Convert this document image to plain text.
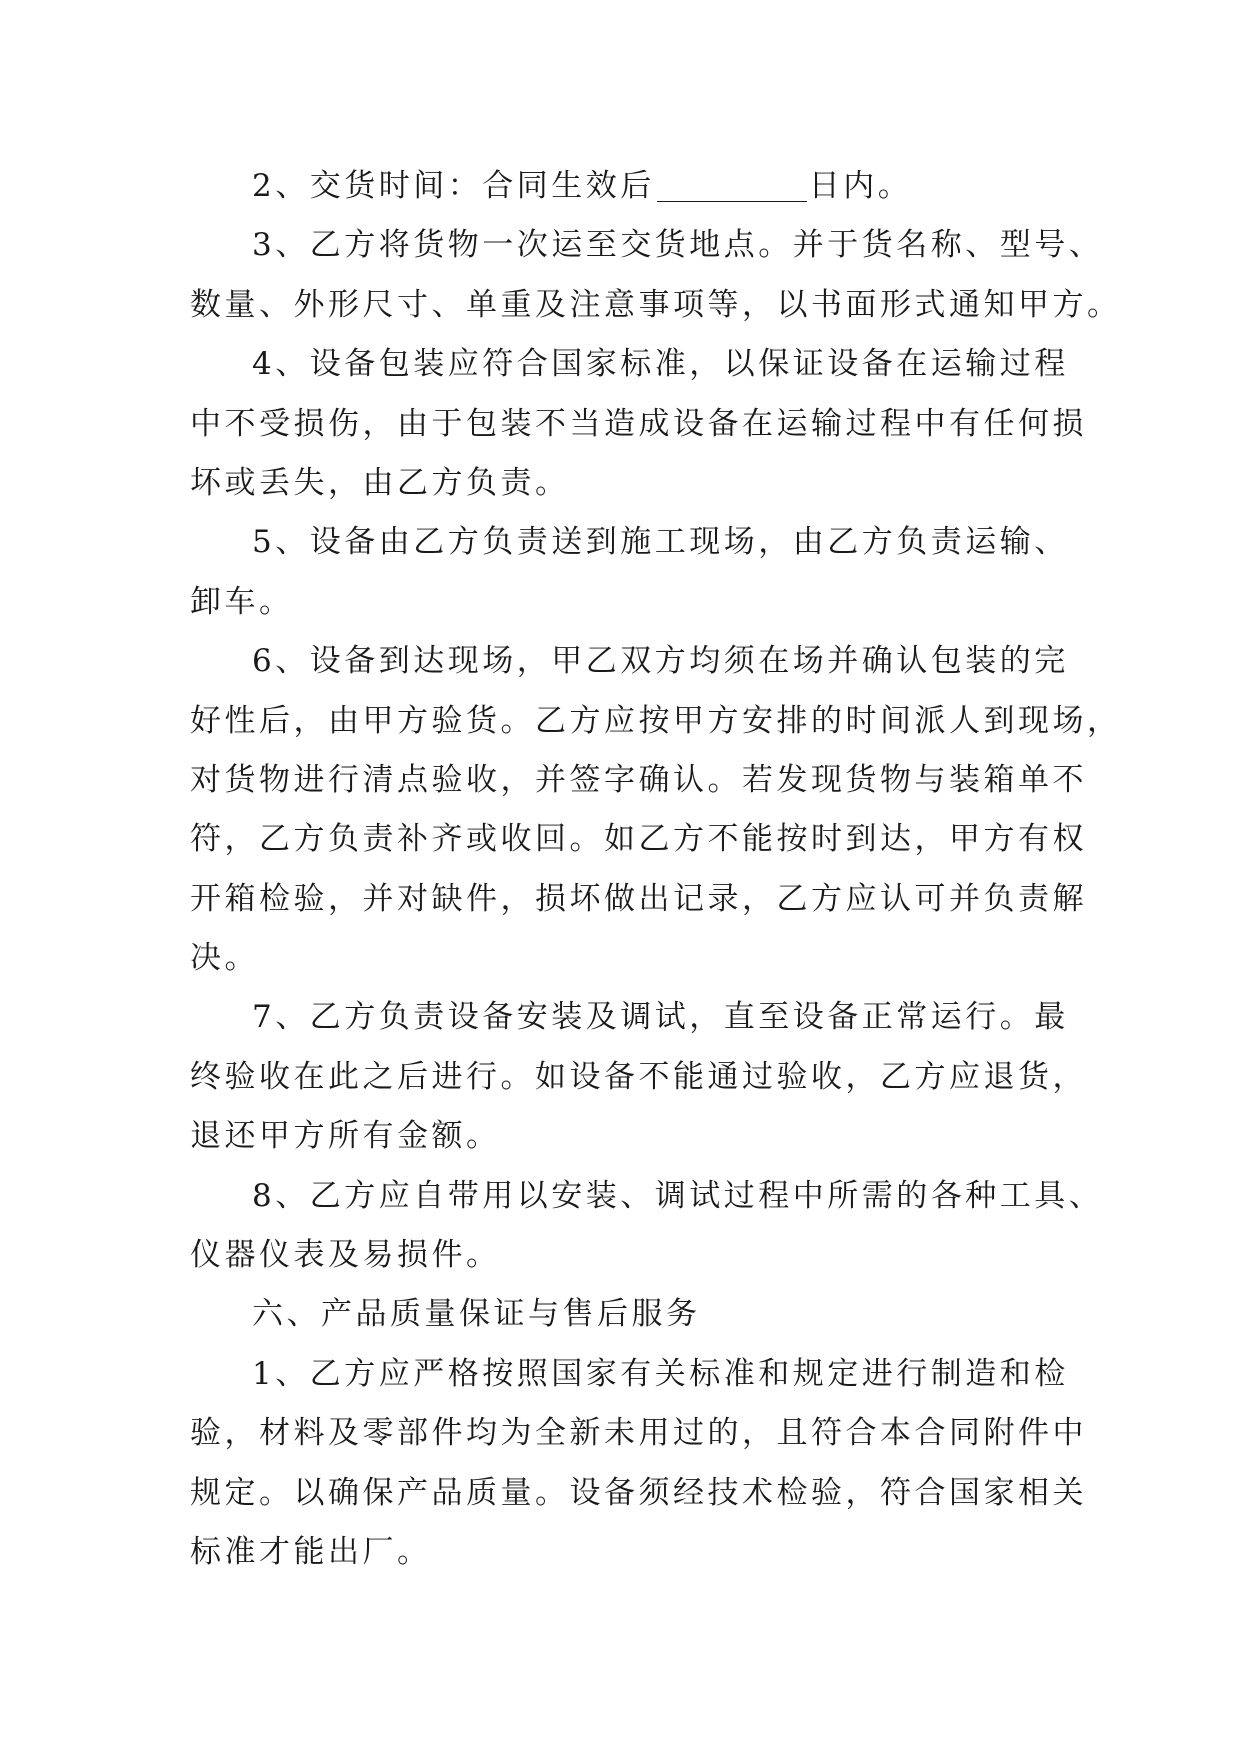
2、交货时间：合同生效后	日内。

3、乙方将货物一次运至交货地点。并于货名称、型号、

数量、外形尺寸、单重及注意事项等，以书面形式通知甲方。

4、设备包装应符合国家标准，以保证设备在运输过程

中不受损伤，由于包装不当造成设备在运输过程中有任何损

坏或丢失，由乙方负责。

5、设备由乙方负责送到施工现场，由乙方负责运输、

卸车。

6、设备到达现场，甲乙双方均须在场并确认包装的完

好性后，由甲方验货。乙方应按甲方安排的时间派人到现场，

对货物进行清点验收，并签字确认。若发现货物与装箱单不

符，乙方负责补齐或收回。如乙方不能按时到达，甲方有权

开箱检验，并对缺件，损坏做出记录，乙方应认可并负责解

决。

7、乙方负责设备安装及调试，直至设备正常运行。最

终验收在此之后进行。如设备不能通过验收，乙方应退货，

退还甲方所有金额。

8、乙方应自带用以安装、调试过程中所需的各种工具、

仪器仪表及易损件。

六、产品质量保证与售后服务

1、乙方应严格按照国家有关标准和规定进行制造和检

验，材料及零部件均为全新未用过的，且符合本合同附件中

规定。以确保产品质量。设备须经技术检验，符合国家相关

标准才能出厂。
